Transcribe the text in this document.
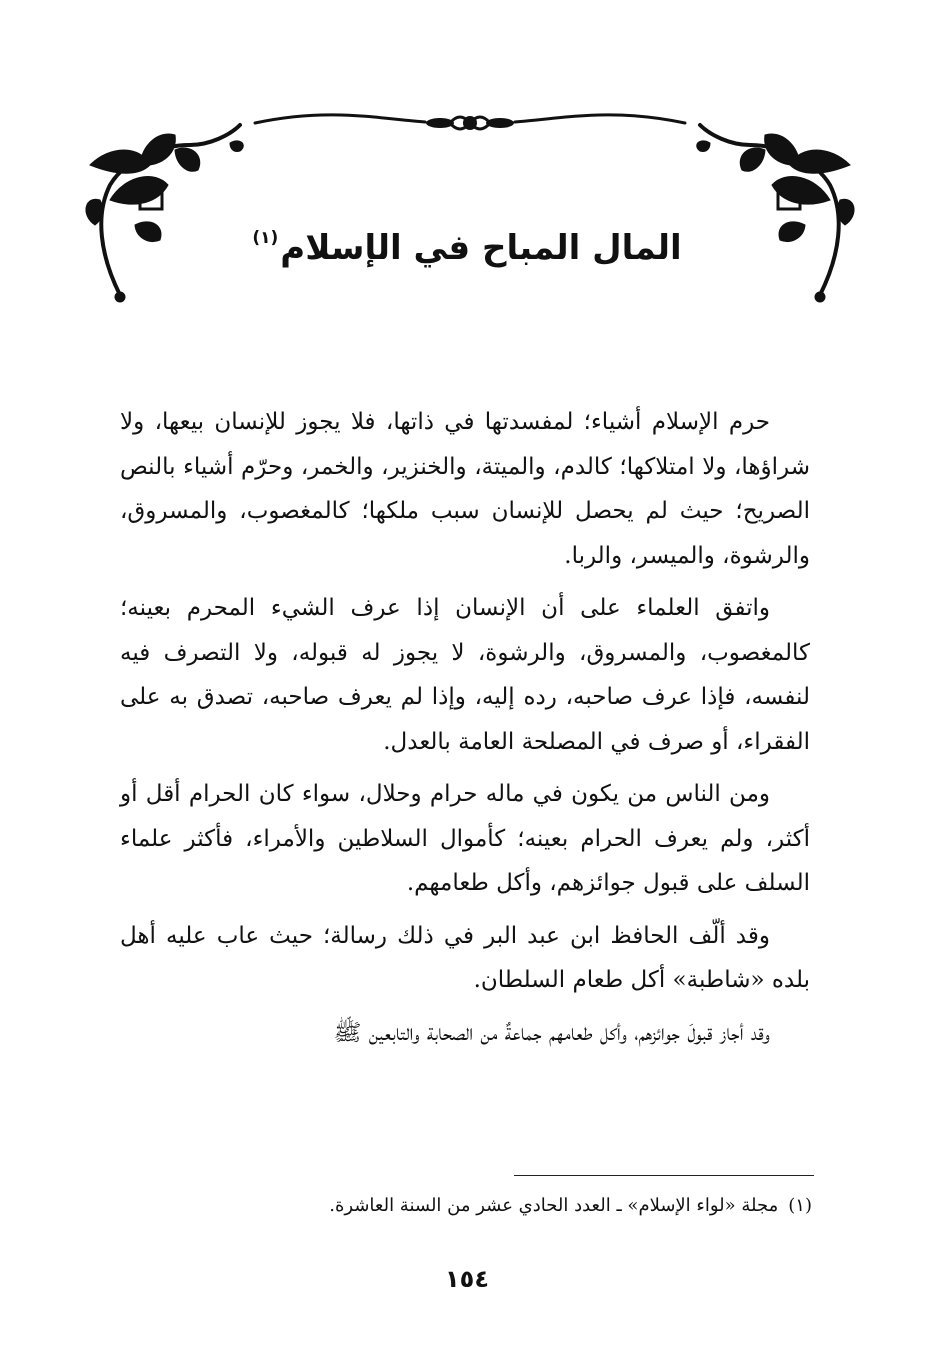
المال المباح في الإسلام$^{(١)}$

حرم الإسلام أشياء؛ لمفسدتها في ذاتها، فلا يجوز للإنسان بيعها، ولا شراؤها، ولا امتلاكها؛ كالدم، والميتة، والخنزير، والخمر، وحرّم أشياء بالنص الصريح؛ حيث لم يحصل للإنسان سبب ملكها؛ كالمغصوب، والمسروق، والرشوة، والميسر، والربا.

واتفق العلماء على أن الإنسان إذا عرف الشيء المحرم بعينه؛ كالمغصوب، والمسروق، والرشوة، لا يجوز له قبوله، ولا التصرف فيه لنفسه، فإذا عرف صاحبه، رده إليه، وإذا لم يعرف صاحبه، تصدق به على الفقراء، أو صرف في المصلحة العامة بالعدل.

ومن الناس من يكون في ماله حرام وحلال، سواء كان الحرام أقل أو أكثر، ولم يعرف الحرام بعينه؛ كأموال السلاطين والأمراء، فأكثر علماء السلف على قبول جوائزهم، وأكل طعامهم.

وقد ألّف الحافظ ابن عبد البر في ذلك رسالة؛ حيث عاب عليه أهل بلده «شاطبة» أكل طعام السلطان.

وقد أجاز قبولَ جوائزهم، وأكل طعامهم جماعةٌ من الصحابة والتابعين ﷺ

(١)مجلة «لواء الإسلام» ـ العدد الحادي عشر من السنة العاشرة.
١٥٤
